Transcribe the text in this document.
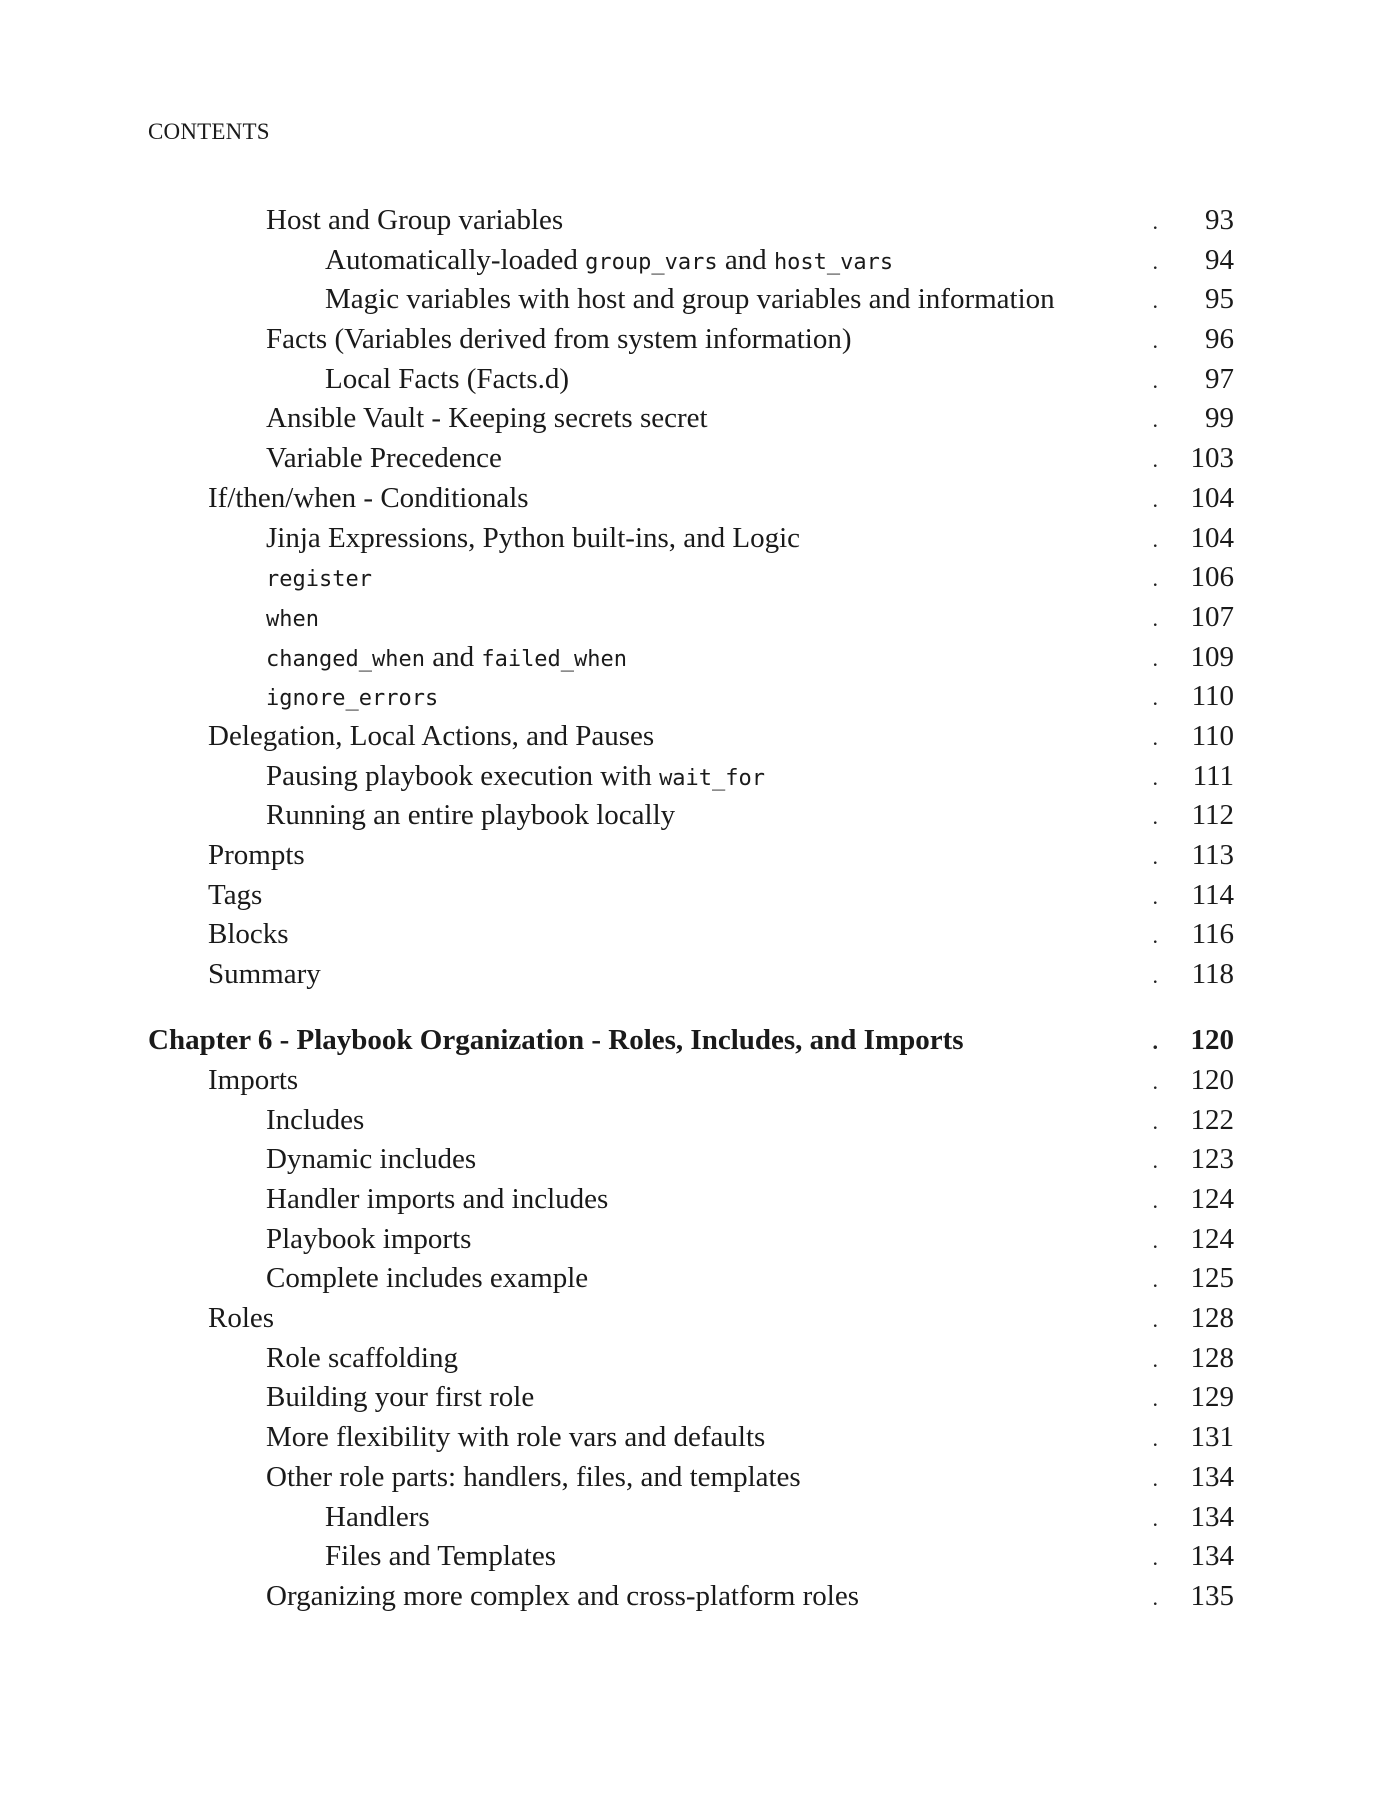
CONTENTS
Host and Group variables	.	93
Automatically-loaded group_vars and host_vars	.	94
Magic variables with host and group variables and information	.	95
Facts (Variables derived from system information)	.	96
Local Facts (Facts.d)	.	97
Ansible Vault - Keeping secrets secret	.	99
Variable Precedence	. 103
If/then/when - Conditionals	. 104
Jinja Expressions, Python built-ins, and Logic	. 104
register	. 106
when	. 107
changed_when and failed_when	. 109
ignore_errors	. 110
Delegation, Local Actions, and Pauses	. 110
Pausing playbook execution with wait_for	. 111
Running an entire playbook locally	. 112
Prompts	. 113
Tags	. 114
Blocks	. 116
Summary	. 118
Chapter 6 - Playbook Organization - Roles, Includes, and Imports	. 120
Imports	. 120
Includes	. 122
Dynamic includes	. 123
Handler imports and includes	. 124
Playbook imports	. 124
Complete includes example	. 125
Roles	. 128
Role scaffolding	. 128
Building your first role	. 129
More flexibility with role vars and defaults	. 131
Other role parts: handlers, files, and templates	. 134
Handlers	. 134
Files and Templates	. 134
Organizing more complex and cross-platform roles	. 135
